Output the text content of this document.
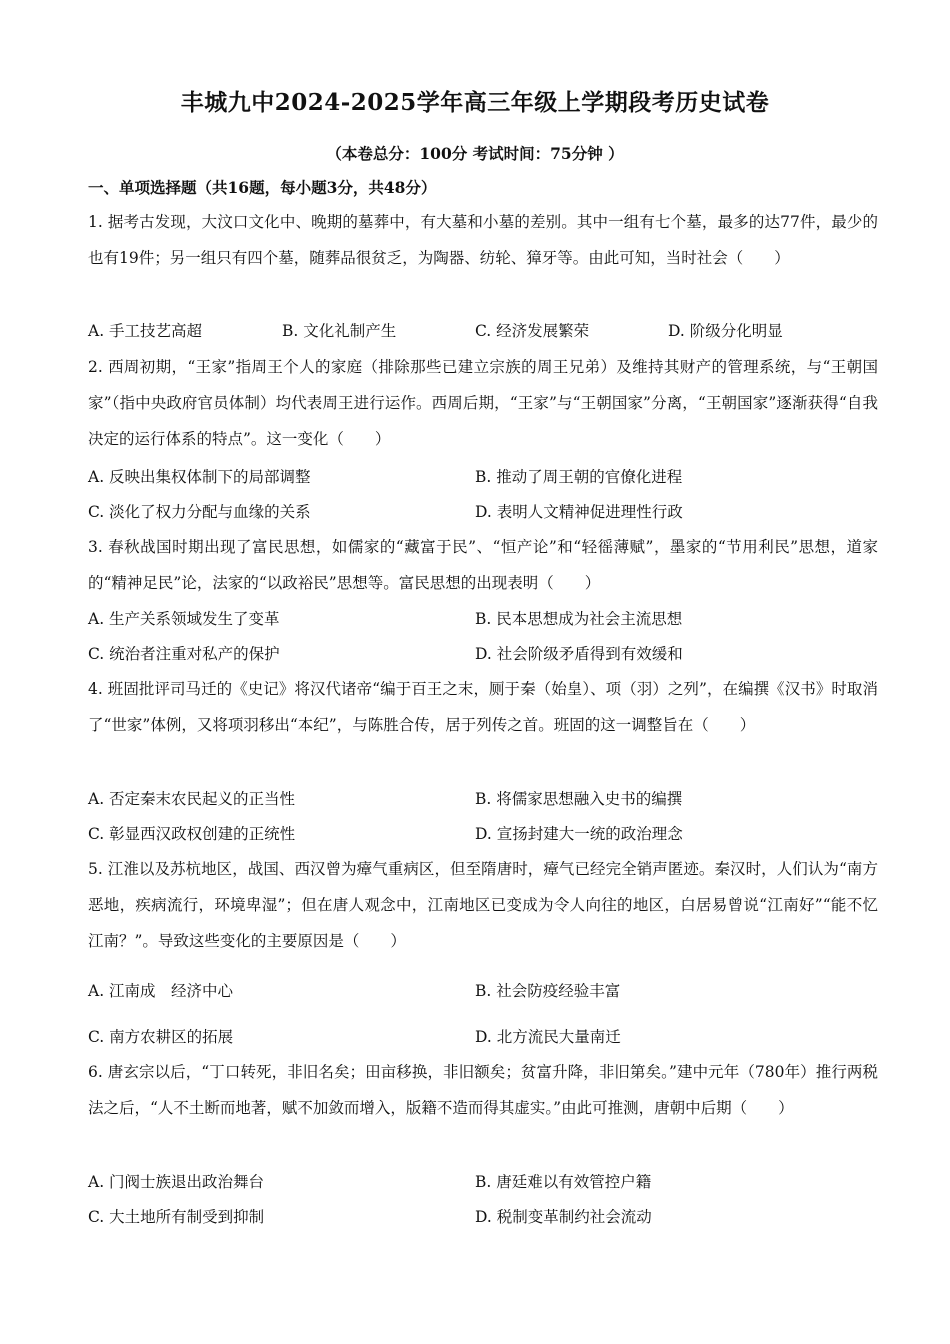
丰城九中2024-2025学年高三年级上学期段考历史试卷
（本卷总分：100分 考试时间：75分钟 ）
一、单项选择题（共16题，每小题3分，共48分）
1. 据考古发现，大汶口文化中、晚期的墓葬中，有大墓和小墓的差别。其中一组有七个墓，最多的达77件，最少的也有19件；另一组只有四个墓，随葬品很贫乏，为陶器、纺轮、獐牙等。由此可知，当时社会（　　）
A. 手工技艺高超	B. 文化礼制产生	C. 经济发展繁荣	D. 阶级分化明显
2. 西周初期，“王家”指周王个人的家庭（排除那些已建立宗族的周王兄弟）及维持其财产的管理系统，与“王朝国家”（指中央政府官员体制）均代表周王进行运作。西周后期，“王家”与“王朝国家”分离，“王朝国家”逐渐获得“自我决定的运行体系的特点”。这一变化（　　）
A. 反映出集权体制下的局部调整	B. 推动了周王朝的官僚化进程
C. 淡化了权力分配与血缘的关系	D. 表明人文精神促进理性行政
3. 春秋战国时期出现了富民思想，如儒家的“藏富于民”、“恒产论”和“轻徭薄赋”，墨家的“节用利民”思想，道家的“精神足民”论，法家的“以政裕民”思想等。富民思想的出现表明（　　）
A. 生产关系领域发生了变革	B. 民本思想成为社会主流思想
C. 统治者注重对私产的保护	D. 社会阶级矛盾得到有效缓和
4. 班固批评司马迁的《史记》将汉代诸帝“编于百王之末，厕于秦（始皇）、项（羽）之列”，在编撰《汉书》时取消了“世家”体例，又将项羽移出“本纪”，与陈胜合传，居于列传之首。班固的这一调整旨在（　　）
A. 否定秦末农民起义的正当性	B. 将儒家思想融入史书的编撰
C. 彰显西汉政权创建的正统性	D. 宣扬封建大一统的政治理念
5. 江淮以及苏杭地区，战国、西汉曾为瘴气重病区，但至隋唐时，瘴气已经完全销声匿迹。秦汉时，人们认为“南方恶地，疾病流行，环境卑湿”；但在唐人观念中，江南地区已变成为令人向往的地区，白居易曾说“江南好”“能不忆江南？”。导致这些变化的主要原因是（　　）
A. 江南成　经济中心	B. 社会防疫经验丰富
C. 南方农耕区的拓展	D. 北方流民大量南迁
6. 唐玄宗以后，“丁口转死，非旧名矣；田亩移换，非旧额矣；贫富升降，非旧第矣。”建中元年（780年）推行两税法之后，“人不土断而地著，赋不加敛而增入，版籍不造而得其虚实。”由此可推测，唐朝中后期（　　）
A. 门阀士族退出政治舞台	B. 唐廷难以有效管控户籍
C. 大土地所有制受到抑制	D. 税制变革制约社会流动
